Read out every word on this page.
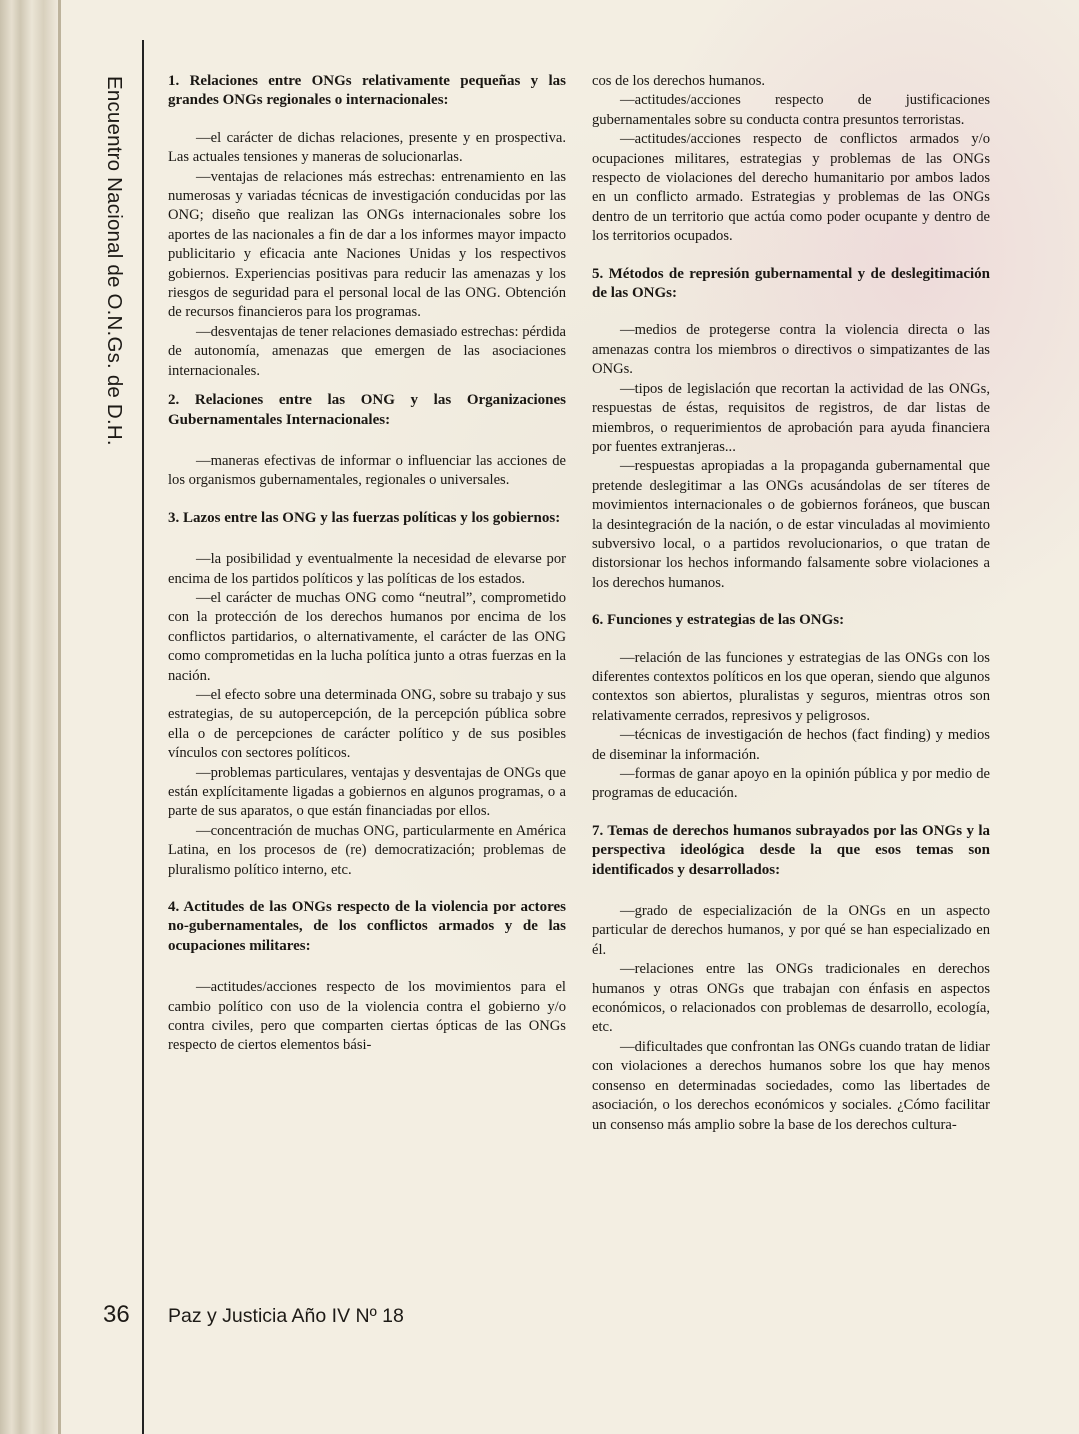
Encuentro Nacional de O.N.Gs. de D.H.	1. Relaciones entre ONGs relativamente pequeñas y las grandes ONGs regionales o internacionales:

—el carácter de dichas relaciones, presente y en prospectiva. Las actuales tensiones y maneras de solucionarlas.

—ventajas de relaciones más estrechas: entrenamiento en las numerosas y variadas técnicas de investigación conducidas por las ONG; diseño que realizan las ONGs internacionales sobre los aportes de las nacionales a fin de dar a los informes mayor impacto publicitario y eficacia ante Naciones Unidas y los respectivos gobiernos. Experiencias positivas para reducir las amenazas y los riesgos de seguridad para el personal local de las ONG. Obtención de recursos financieros para los programas.

—desventajas de tener relaciones demasiado estrechas: pérdida de autonomía, amenazas que emergen de las asociaciones internacionales.

2. Relaciones entre las ONG y las Organizaciones Gubernamentales Internacionales:

—maneras efectivas de informar o influenciar las acciones de los organismos gubernamentales, regionales o universales.

3. Lazos entre las ONG y las fuerzas políticas y los gobiernos:

—la posibilidad y eventualmente la necesidad de elevarse por encima de los partidos políticos y las políticas de los estados.

—el carácter de muchas ONG como “neutral”, comprometido con la protección de los derechos humanos por encima de los conflictos partidarios, o alternativamente, el carácter de las ONG como comprometidas en la lucha política junto a otras fuerzas en la nación.

—el efecto sobre una determinada ONG, sobre su trabajo y sus estrategias, de su autopercepción, de la percepción pública sobre ella o de percepciones de carácter político y de sus posibles vínculos con sectores políticos.

—problemas particulares, ventajas y desventajas de ONGs que están explícitamente ligadas a gobiernos en algunos programas, o a parte de sus aparatos, o que están financiadas por ellos.

—concentración de muchas ONG, particularmente en América Latina, en los procesos de (re) democratización; problemas de pluralismo político interno, etc.

4. Actitudes de las ONGs respecto de la violencia por actores no-gubernamentales, de los conflictos armados y de las ocupaciones militares:

—actitudes/acciones respecto de los movimientos para el cambio político con uso de la violencia contra el gobierno y/o contra civiles, pero que comparten ciertas ópticas de las ONGs respecto de ciertos elementos bási-

cos de los derechos humanos.

—actitudes/acciones respecto de justificaciones gubernamentales sobre su conducta contra presuntos terroristas.

—actitudes/acciones respecto de conflictos armados y/o ocupaciones militares, estrategias y problemas de las ONGs respecto de violaciones del derecho humanitario por ambos lados en un conflicto armado. Estrategias y problemas de las ONGs dentro de un territorio que actúa como poder ocupante y dentro de los territorios ocupados.

5. Métodos de represión gubernamental y de deslegitimación de las ONGs:

—medios de protegerse contra la violencia directa o las amenazas contra los miembros o directivos o simpatizantes de las ONGs.

—tipos de legislación que recortan la actividad de las ONGs, respuestas de éstas, requisitos de registros, de dar listas de miembros, o requerimientos de aprobación para ayuda financiera por fuentes extranjeras...

—respuestas apropiadas a la propaganda gubernamental que pretende deslegitimar a las ONGs acusándolas de ser títeres de movimientos internacionales o de gobiernos foráneos, que buscan la desintegración de la nación, o de estar vinculadas al movimiento subversivo local, o a partidos revolucionarios, o que tratan de distorsionar los hechos informando falsamente sobre violaciones a los derechos humanos.

6. Funciones y estrategias de las ONGs:

—relación de las funciones y estrategias de las ONGs con los diferentes contextos políticos en los que operan, siendo que algunos contextos son abiertos, pluralistas y seguros, mientras otros son relativamente cerrados, represivos y peligrosos.

—técnicas de investigación de hechos (fact finding) y medios de diseminar la información.

—formas de ganar apoyo en la opinión pública y por medio de programas de educación.

7. Temas de derechos humanos subrayados por las ONGs y la perspectiva ideológica desde la que esos temas son identificados y desarrollados:

—grado de especialización de la ONGs en un aspecto particular de derechos humanos, y por qué se han especializado en él.

—relaciones entre las ONGs tradicionales en derechos humanos y otras ONGs que trabajan con énfasis en aspectos económicos, o relacionados con problemas de desarrollo, ecología, etc.

—dificultades que confrontan las ONGs cuando tratan de lidiar con violaciones a derechos humanos sobre los que hay menos consenso en determinadas sociedades, como las libertades de asociación, o los derechos económicos y sociales. ¿Cómo facilitar un consenso más amplio sobre la base de los derechos cultura-

36 Paz y Justicia Año IV Nº 18
